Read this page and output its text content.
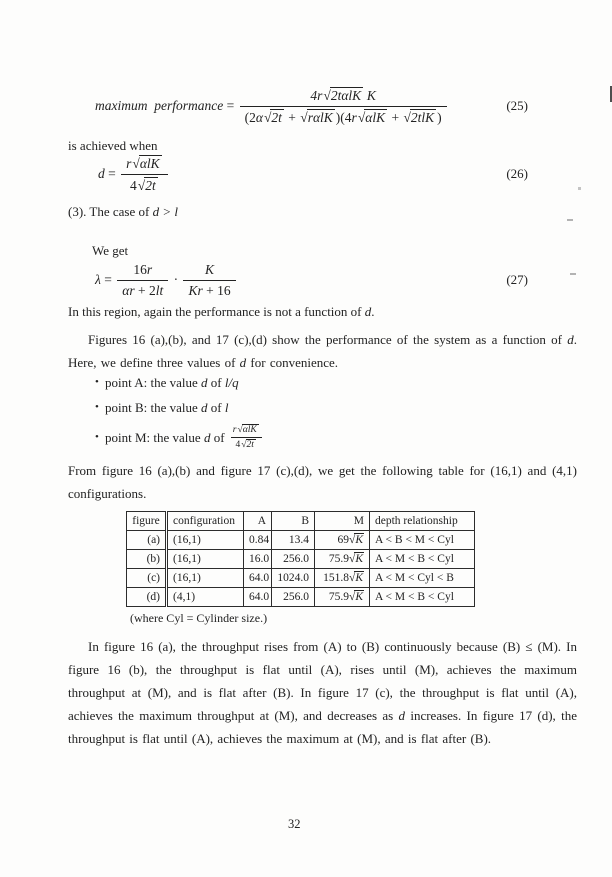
maximum performance = $\frac{\text{4r√2tαlK K}}{\text{(2α√2t + √rαlK )(4r√αlK + √2tlK )}}$	(25)

is achieved when

$d = \frac{\text{r√αlK}}{4√2t}$	(26)

(3). The case of d > l

We get

$\lambda = \frac{16r}{\alpha r + 2lt} \cdot \frac{K}{Kr + 16}$	(27)

In this region, again the performance is not a function of d.

Figures 16 (a),(b), and 17 (c),(d) show the performance of the system as a function of d. Here, we define three values of d for convenience.

• point A: the value d of l/q
• point B: the value d of l
• point M: the value d of $\frac{\text{r√αlK}}{4√2t}$

From figure 16 (a),(b) and figure 17 (c),(d), we get the following table for (16,1) and (4,1) configurations.

figure	configuration	A	B	M	depth relationship
(a)	(16,1)	0.84	13.4	69√K	A < B < M < Cyl
(b)	(16,1)	16.0	256.0	75.9√K	A < M < B < Cyl
(c)	(16,1)	64.0	1024.0	151.8√K	A < M < Cyl < B
(d)	(4,1)	64.0	256.0	75.9√K	A < M < B < Cyl

(where Cyl = Cylinder size.)

In figure 16 (a), the throughput rises from (A) to (B) continuously because (B) ≤ (M). In figure 16 (b), the throughput is flat until (A), rises until (M), achieves the maximum throughput at (M), and is flat after (B). In figure 17 (c), the throughput is flat until (A), achieves the maximum throughput at (M), and decreases as d increases. In figure 17 (d), the throughput is flat until (A), achieves the maximum at (M), and is flat after (B).

32
